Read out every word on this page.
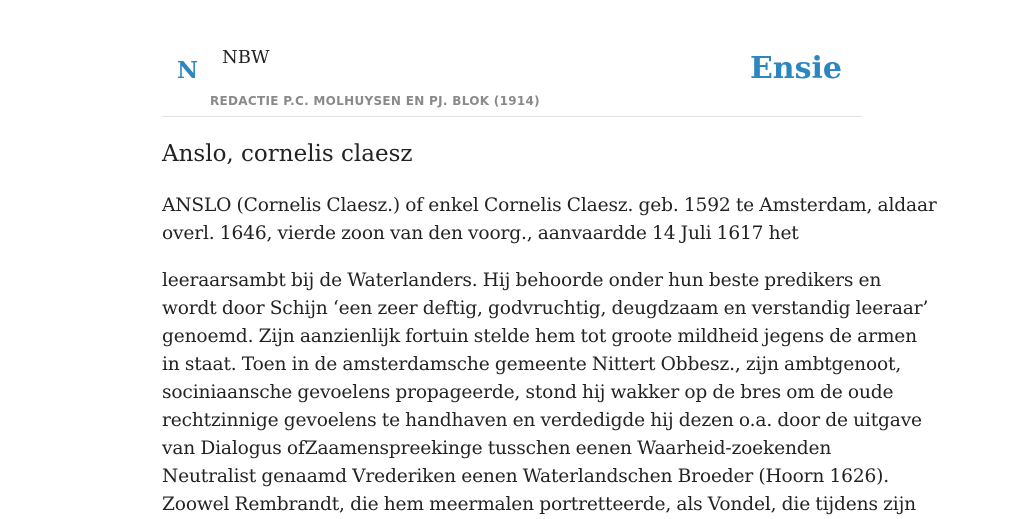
N NBW
REDACTIE P.C. MOLHUYSEN EN PJ. BLOK (1914)
Ensie
Anslo, cornelis claesz

ANSLO (Cornelis Claesz.) of enkel Cornelis Claesz. geb. 1592 te Amsterdam, aldaar
overl. 1646, vierde zoon van den voorg., aanvaardde 14 Juli 1617 het

leeraarsambt bij de Waterlanders. Hij behoorde onder hun beste predikers en
wordt door Schijn ‘een zeer deftig, godvruchtig, deugdzaam en verstandig leeraar’
genoemd. Zijn aanzienlijk fortuin stelde hem tot groote mildheid jegens de armen
in staat. Toen in de amsterdamsche gemeente Nittert Obbesz., zijn ambtgenoot,
sociniaansche gevoelens propageerde, stond hij wakker op de bres om de oude
rechtzinnige gevoelens te handhaven en verdedigde hij dezen o.a. door de uitgave
van Dialogus ofZaamenspreekinge tusschen eenen Waarheid-zoekenden
Neutralist genaamd Vrederiken eenen Waterlandschen Broeder (Hoorn 1626).
Zoowel Rembrandt, die hem meermalen portretteerde, als Vondel, die tijdens zijn
